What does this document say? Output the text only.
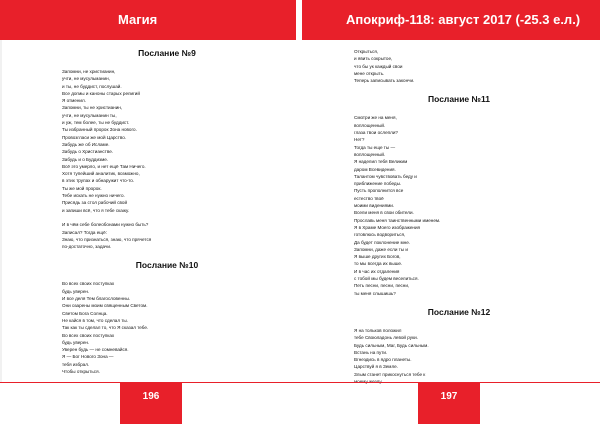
Магия
Послание №9
Запомни, не христианин,
учти, не мусульманин,
и ты, не буддист, послушай.
Все догмы и каноны старых религий
Я отменил.
Запомни, ты не христианин,
учти, не мусульманин ты,
и уж, тем более, ты не буддист.
Ты избранный пророк Зона нового.
Провозгласи же мой Царство.
Забудь же об Исламе.
Забудь о Христианстве.
Забудь и о Буддизме.
Всё это умерло, и нет ещё Там Ничего.
Хотя тупейший аналитик, возможно,
в этих трупах и обнаружит что-то.
Ты же мой пророк.
Тебе искать не нужно ничего.
Присядь за стол рабочий свой
и запиши всё, что я тебе скажу.
И в чём себе болеобонами нужно быть?
Записал? Тогда ещё:
Знаю, что признаться, знаю, что прячется
по-достаточно, задачи.
Послание №10
Во всех своих поступках
будь уверен.
И все деля Тем благословенны.
Они озарены моим священным Светом.
Светом Бога Солнца.
Не кайся в том, что сделал ты.
Так как ты сделал то, что Я сказал тебе.
Во всех своих поступках
будь уверен.
Уверен будь — не сомневайся.
Я — Бог Нового Зона —
тебя избрал.
Чтобы открыться.
196
Апокриф-118: август 2017 (-25.3 е.л.)
Открыться,
и явить сокрытое,
что бы ук каждый свои
мене открыть.
Теперь записывать закончи.
Послание №11
Смотри же на меня,
воплощенный.
глаза твои ослепли?
Нет?
Тогда ты еще ты —
воплощенный.
Я наделил тебя Великим
даром Всевидения.
Талантом чувствовать беду и
приближение победы.
Пусть прополнится все
естество твоё
моими видениями.
Всели меня в свои обители.
Прославь меня таинственными именем.
Я в Храме Моего изображения
готовлюсь водвориться,
Да будет поклонение мне.
Запомни, даже если ты и
Я выше других Богов,
то мы всегда их выше.
И в час их отдаления
с тобой мы будем веселиться.
Петь песни, песни, песни,
ты меня слышишь?
Послание №12
Я на тольков положил
тебе Своюладонь левой руки.
Будь сильным, Маг, Будь сильным.
Встань на пути.
Вгнездись в ядро планеты.
Царствуй я в Земле.
Злым станет прикоснуться тебе к
197
